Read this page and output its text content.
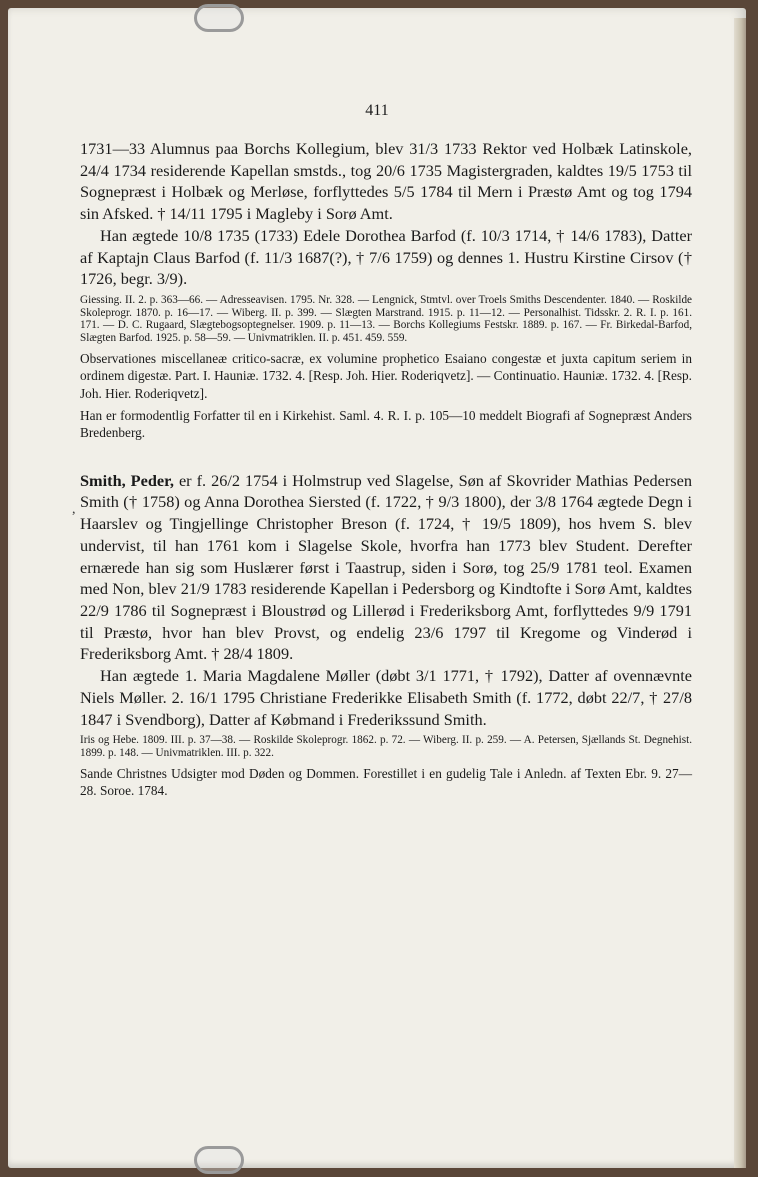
411
,

1731—33 Alumnus paa Borchs Kollegium, blev 31/3 1733 Rektor ved Holbæk Latinskole, 24/4 1734 residerende Kapellan smstds., tog 20/6 1735 Magistergraden, kaldtes 19/5 1753 til Sognepræst i Holbæk og Merløse, forflyttedes 5/5 1784 til Mern i Præstø Amt og tog 1794 sin Afsked. † 14/11 1795 i Magleby i Sorø Amt.

Han ægtede 10/8 1735 (1733) Edele Dorothea Barfod (f. 10/3 1714, † 14/6 1783), Datter af Kaptajn Claus Barfod (f. 11/3 1687(?), † 7/6 1759) og dennes 1. Hustru Kirstine Cirsov († 1726, begr. 3/9).

Giessing. II. 2. p. 363—66. — Adresseavisen. 1795. Nr. 328. — Lengnick, Stmtvl. over Troels Smiths Descendenter. 1840. — Roskilde Skoleprogr. 1870. p. 16—17. — Wiberg. II. p. 399. — Slægten Marstrand. 1915. p. 11—12. — Personalhist. Tidsskr. 2. R. I. p. 161. 171. — D. C. Rugaard, Slægtebogsoptegnelser. 1909. p. 11—13. — Borchs Kollegiums Festskr. 1889. p. 167. — Fr. Birkedal-Barfod, Slægten Barfod. 1925. p. 58—59. — Univmatriklen. II. p. 451. 459. 559.

Observationes miscellaneæ critico-sacræ, ex volumine prophetico Esaiano congestæ et juxta capitum seriem in ordinem digestæ. Part. I. Hauniæ. 1732. 4. [Resp. Joh. Hier. Roderiqvetz]. — Continuatio. Hauniæ. 1732. 4. [Resp. Joh. Hier. Roderiqvetz].

Han er formodentlig Forfatter til en i Kirkehist. Saml. 4. R. I. p. 105—10 meddelt Biografi af Sognepræst Anders Bredenberg.

Smith, Peder, er f. 26/2 1754 i Holmstrup ved Slagelse, Søn af Skovrider Mathias Pedersen Smith († 1758) og Anna Dorothea Siersted (f. 1722, † 9/3 1800), der 3/8 1764 ægtede Degn i Haarslev og Tingjellinge Christopher Breson (f. 1724, † 19/5 1809), hos hvem S. blev undervist, til han 1761 kom i Slagelse Skole, hvorfra han 1773 blev Student. Derefter ernærede han sig som Huslærer først i Taastrup, siden i Sorø, tog 25/9 1781 teol. Examen med Non, blev 21/9 1783 residerende Kapellan i Pedersborg og Kindtofte i Sorø Amt, kaldtes 22/9 1786 til Sognepræst i Bloustrød og Lillerød i Frederiksborg Amt, forflyttedes 9/9 1791 til Præstø, hvor han blev Provst, og endelig 23/6 1797 til Kregome og Vinderød i Frederiksborg Amt. † 28/4 1809.

Han ægtede 1. Maria Magdalene Møller (døbt 3/1 1771, † 1792), Datter af ovennævnte Niels Møller. 2. 16/1 1795 Christiane Frederikke Elisabeth Smith (f. 1772, døbt 22/7, † 27/8 1847 i Svendborg), Datter af Købmand i Frederikssund Smith.

Iris og Hebe. 1809. III. p. 37—38. — Roskilde Skoleprogr. 1862. p. 72. — Wiberg. II. p. 259. — A. Petersen, Sjællands St. Degnehist. 1899. p. 148. — Univmatriklen. III. p. 322.

Sande Christnes Udsigter mod Døden og Dommen. Forestillet i en gudelig Tale i Anledn. af Texten Ebr. 9. 27—28. Soroe. 1784.
